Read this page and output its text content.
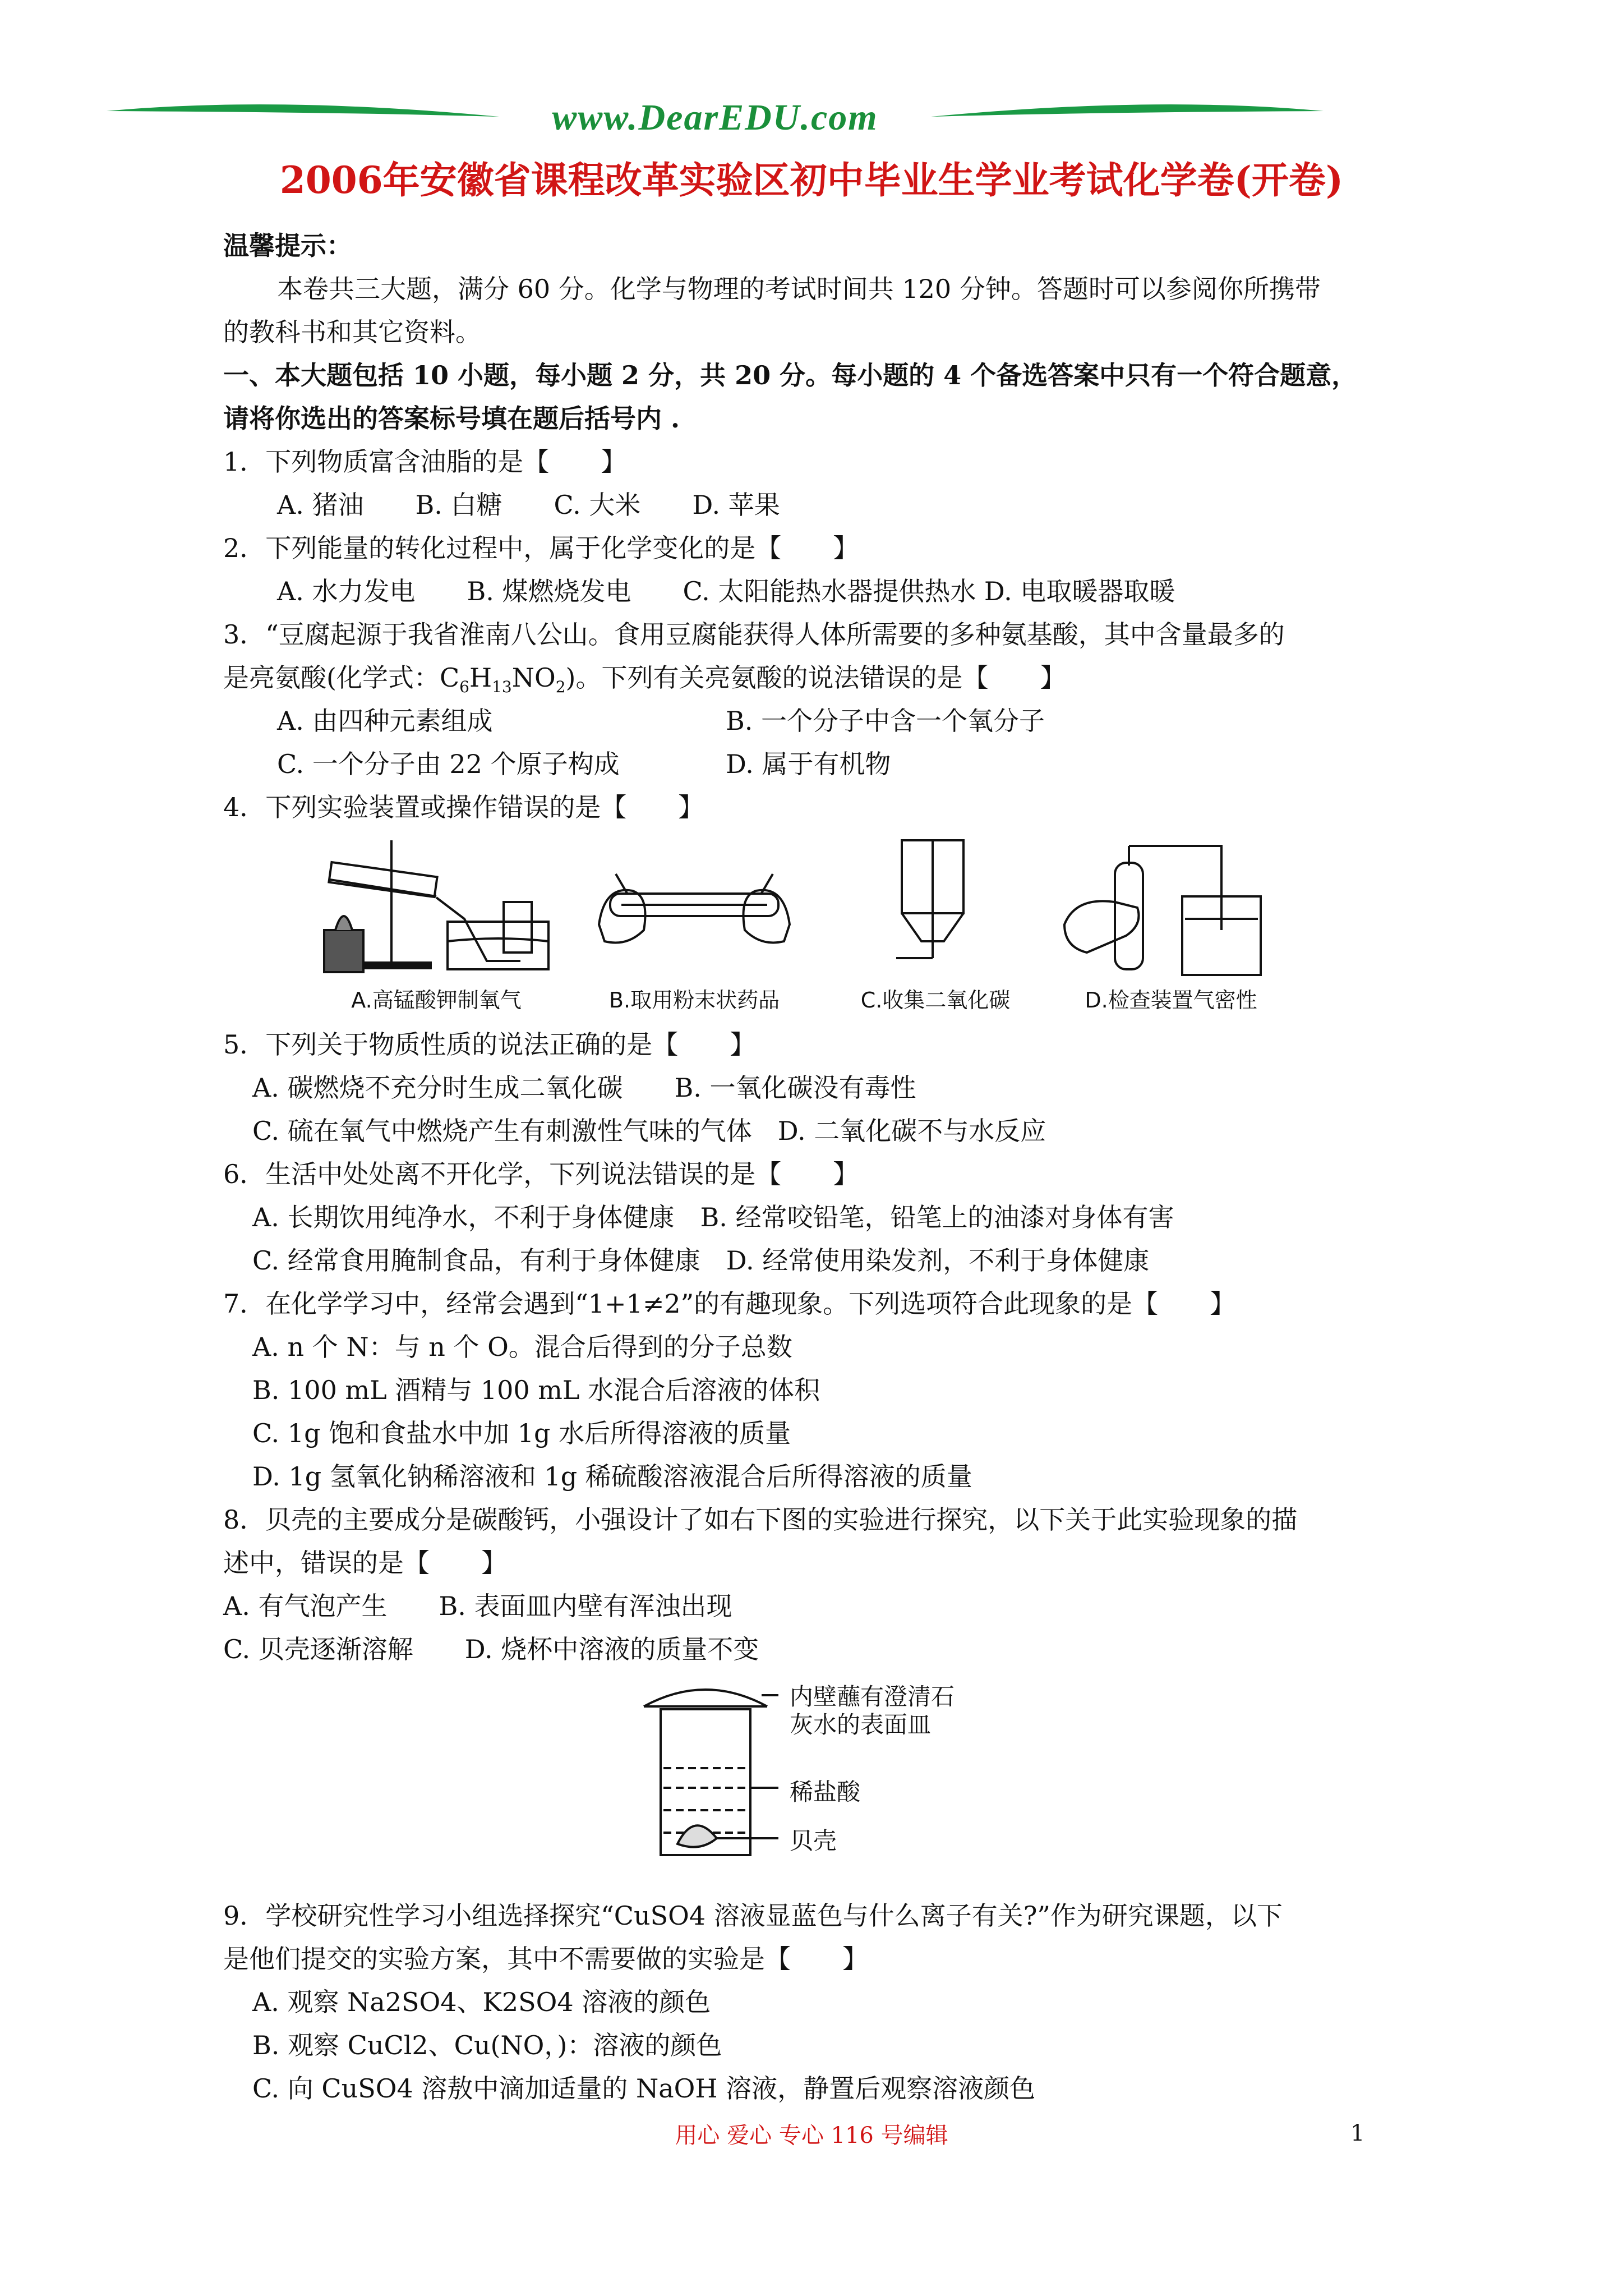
www.DearEDU.com
2006年安徽省课程改革实验区初中毕业生学业考试化学卷(开卷)
温馨提示：
本卷共三大题，满分 60 分。化学与物理的考试时间共 120 分钟。答题时可以参阅你所携带
的教科书和其它资料。
一、本大题包括 10 小题，每小题 2 分，共 20 分。每小题的 4 个备选答案中只有一个符合题意，
请将你选出的答案标号填在题后括号内 .
1．下列物质富含油脂的是【　　】
A. 猪油　　B. 白糖　　C. 大米　　D. 苹果
2．下列能量的转化过程中，属于化学变化的是【　　】
A. 水力发电　　B. 煤燃烧发电　　C. 太阳能热水器提供热水 D. 电取暖器取暖
3．“豆腐起源于我省淮南八公山。食用豆腐能获得人体所需要的多种氨基酸，其中含量最多的
是亮氨酸(化学式：$C_6H_{13}NO_2$)。下列有关亮氨酸的说法错误的是【　　】
A. 由四种元素组成	B. 一个分子中含一个氧分子
C. 一个分子由 22 个原子构成	D. 属于有机物
4．下列实验装置或操作错误的是【　　】
A.高锰酸钾制氧气	B.取用粉末状药品	C.收集二氧化碳	D.检查装置气密性
5．下列关于物质性质的说法正确的是【　　】
A. 碳燃烧不充分时生成二氧化碳　　B. 一氧化碳没有毒性
C. 硫在氧气中燃烧产生有刺激性气味的气体　D. 二氧化碳不与水反应
6．生活中处处离不开化学，下列说法错误的是【　　】
A. 长期饮用纯净水，不利于身体健康　B. 经常咬铅笔，铅笔上的油漆对身体有害
C. 经常食用腌制食品，有利于身体健康　D. 经常使用染发剂，不利于身体健康
7．在化学学习中，经常会遇到“1+1≠2”的有趣现象。下列选项符合此现象的是【　　】
A. n 个 N：与 n 个 O。混合后得到的分子总数
B. 100 mL 酒精与 100 mL 水混合后溶液的体积
C. 1g 饱和食盐水中加 1g 水后所得溶液的质量
D. 1g 氢氧化钠稀溶液和 1g 稀硫酸溶液混合后所得溶液的质量
8．贝壳的主要成分是碳酸钙，小强设计了如右下图的实验进行探究，以下关于此实验现象的描
述中，错误的是【　　】
A. 有气泡产生　　B. 表面皿内壁有浑浊出现
C. 贝壳逐渐溶解　　D. 烧杯中溶液的质量不变
内壁蘸有澄清石
灰水的表面皿
稀盐酸
贝壳
9．学校研究性学习小组选择探究“CuSO4 溶液显蓝色与什么离子有关?”作为研究课题，以下
是他们提交的实验方案，其中不需要做的实验是【　　】
A. 观察 Na2SO4、K2SO4 溶液的颜色
B. 观察 CuCl2、Cu(NO，)：溶液的颜色
C. 向 CuSO4 溶敖中滴加适量的 NaOH 溶液，静置后观察溶液颜色
用心 爱心 专心 116 号编辑	1
